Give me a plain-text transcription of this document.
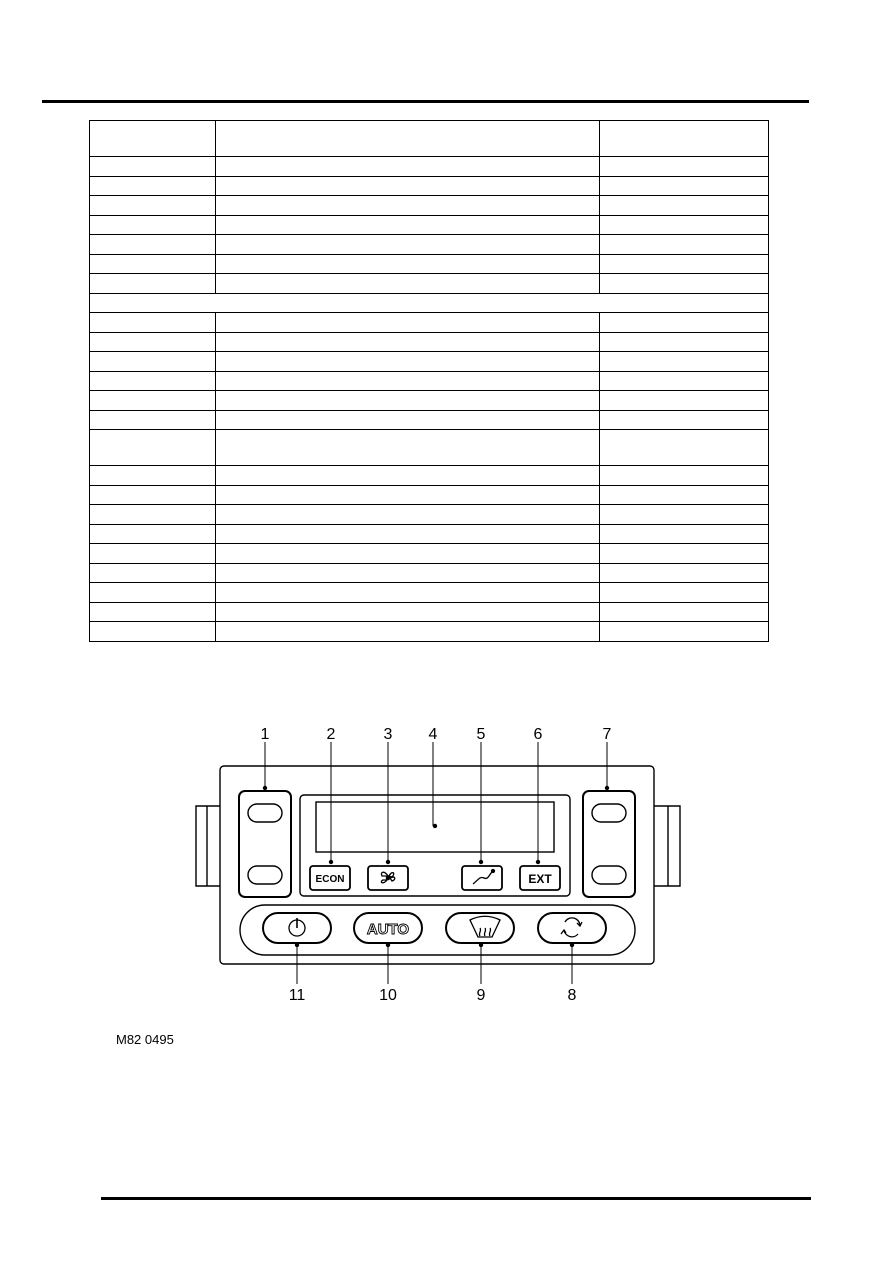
ECON	EXT
AUTO
1	2	3 4 5	6	7
8
9
10
11
M82 0495
